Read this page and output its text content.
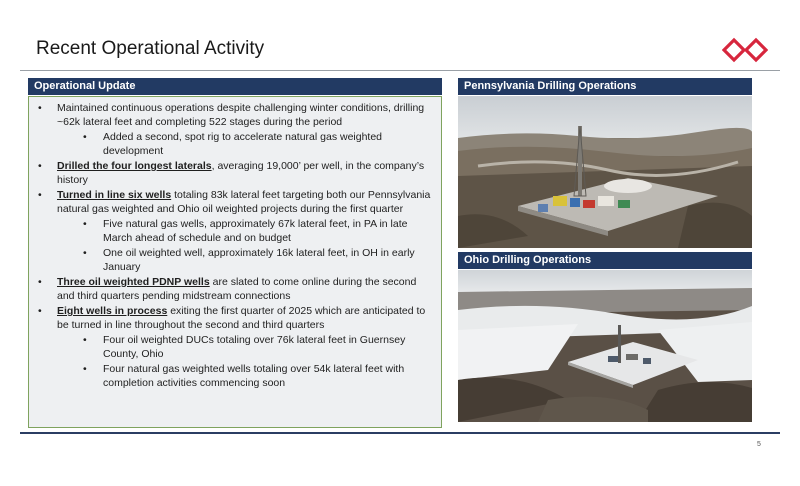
Recent Operational Activity
Operational Update
• Maintained continuous operations despite challenging winter conditions, drilling ~62k lateral feet and completing 522 stages during the period
• Added a second, spot rig to accelerate natural gas weighted development
• Drilled the four longest laterals, averaging 19,000’ per well, in the company’s history
• Turned in line six wells totaling 83k lateral feet targeting both our Pennsylvania natural gas weighted and Ohio oil weighted projects during the first quarter
• Five natural gas wells, approximately 67k lateral feet, in PA in late March ahead of schedule and on budget
• One oil weighted well, approximately 16k lateral feet, in OH in early January
• Three oil weighted PDNP wells are slated to come online during the second and third quarters pending midstream connections
• Eight wells in process exiting the first quarter of 2025 which are anticipated to be turned in line throughout the second and third quarters
• Four oil weighted DUCs totaling over 76k lateral feet in Guernsey County, Ohio
• Four natural gas weighted wells totaling over 54k lateral feet with completion activities commencing soon
Pennsylvania Drilling Operations
Ohio Drilling Operations
5
